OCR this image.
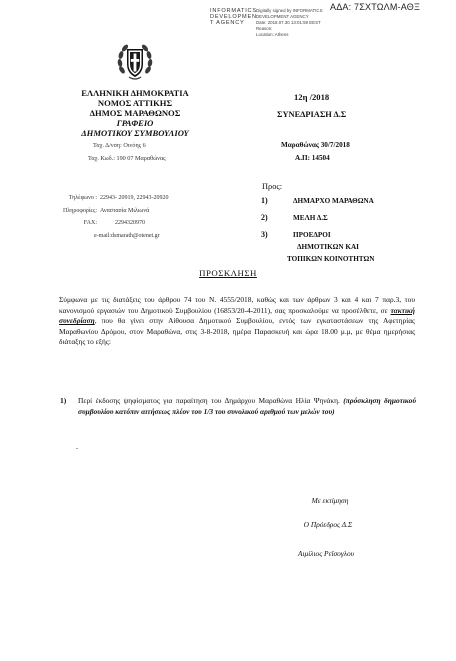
ΑΔΑ: 7ΣΧΤΩΛΜ-ΑΘΞ
INFORMATICS
DEVELOPMEN
T AGENCY
Digitally signed by INFORMATICS
DEVELOPMENT AGENCY
Date: 2018.07.30 13:01:59 EEST
Reason:
Location: Athens
ΕΛΛΗΝΙΚΗ ΔΗΜΟΚΡΑΤΙΑ
ΝΟΜΟΣ ΑΤΤΙΚΗΣ
ΔΗΜΟΣ ΜΑΡΑΘΩΝΟΣ
ΓΡΑΦΕΙΟ
ΔΗΜΟΤΙΚΟΥ ΣΥΜΒΟΥΛΙΟΥ
Ταχ. Δ/νση: Οινόης 6
Ταχ. Κωδ.: 190 07 Μαραθώνας
Τηλέφωνο : 22943- 20919, 22943-20920
Πληροφορίες: Αναστασία Μιλιωνά
FAX:	2294320970
e-mail:dsmarath@otenet.gr
12η /2018
ΣΥΝΕΔΡΙΑΣΗ Δ.Σ
Μαραθώνας 30/7/2018
Α.Π: 14504
Προς:
1)	ΔΗΜΑΡΧΟ ΜΑΡΑΘΩΝΑ
2)	ΜΕΛΗ Δ.Σ
3)	ΠΡΟΕΔΡΟΙ
ΔΗΜΟΤΙΚΩΝ ΚΑΙ
ΤΟΠΙΚΩΝ ΚΟΙΝΟΤΗΤΩΝ
ΠΡΟΣΚΛΗΣΗ
Σύμφωνα με τις διατάξεις του άρθρου 74 του Ν. 4555/2018, καθώς και των άρθρων 3 και 4 και 7 παρ.3, του κανονισμού εργασιών του Δημοτικού Συμβουλίου (16853/20-4-2011), σας προσκαλούμε να προσέλθετε, σε τακτική συνεδρίαση, που θα γίνει στην Αίθουσα Δημοτικού Συμβουλίου, εντός των εγκαταστάσεων της Αφετηρίας Μαραθωνίου Δρόμου, στον Μαραθώνα, στις 3-8-2018, ημέρα Παρασκευή και ώρα 18.00 μ.μ, με θέμα ημερήσιας διάταξης το εξής:
1) Περί έκδοσης ψηφίσματος για παραίτηση του Δημάρχου Μαραθώνα Ηλία Ψηνάκη. (πρόσκληση δημοτικού συμβουλίου κατόπιν αιτήσεως πλέον του 1/3 του συνολικού αριθμού των μελών του)
.
Με εκτίμηση
Ο Πρόεδρος Δ.Σ
Αιμίλιος Ρεΐσογλου
